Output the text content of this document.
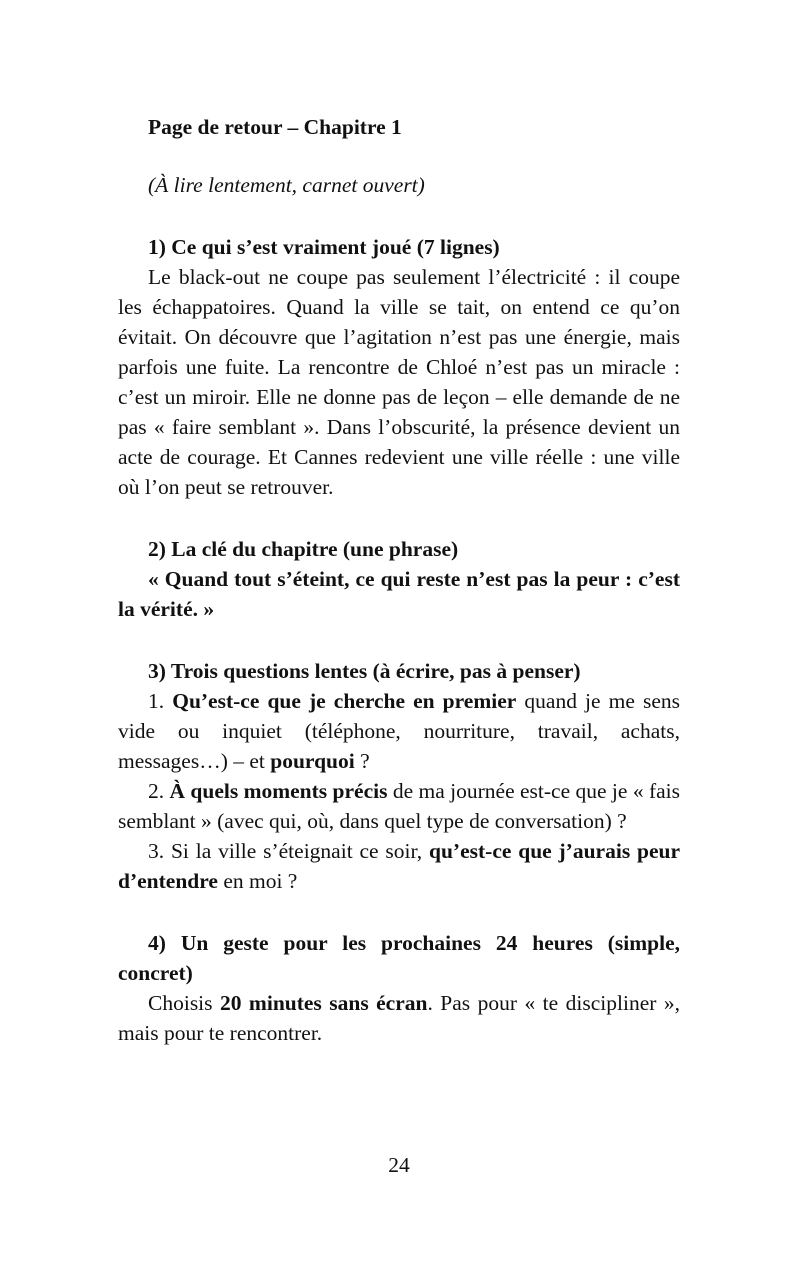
Page de retour – Chapitre 1

(À lire lentement, carnet ouvert)

1) Ce qui s’est vraiment joué (7 lignes)

Le black-out ne coupe pas seulement l’électricité : il coupe les échappatoires. Quand la ville se tait, on entend ce qu’on évitait. On découvre que l’agitation n’est pas une énergie, mais parfois une fuite. La rencontre de Chloé n’est pas un miracle : c’est un miroir. Elle ne donne pas de leçon – elle demande de ne pas « faire semblant ». Dans l’obscurité, la présence devient un acte de courage. Et Cannes redevient une ville réelle : une ville où l’on peut se retrouver.

2) La clé du chapitre (une phrase)

« Quand tout s’éteint, ce qui reste n’est pas la peur : c’est la vérité. »

3) Trois questions lentes (à écrire, pas à penser)

1. Qu’est-ce que je cherche en premier quand je me sens vide ou inquiet (téléphone, nourriture, travail, achats, messages…) – et pourquoi ?

2. À quels moments précis de ma journée est-ce que je « fais semblant » (avec qui, où, dans quel type de conversation) ?

3. Si la ville s’éteignait ce soir, qu’est-ce que j’aurais peur d’entendre en moi ?

4) Un geste pour les prochaines 24 heures (simple, concret)

Choisis 20 minutes sans écran. Pas pour « te discipliner », mais pour te rencontrer.

24
